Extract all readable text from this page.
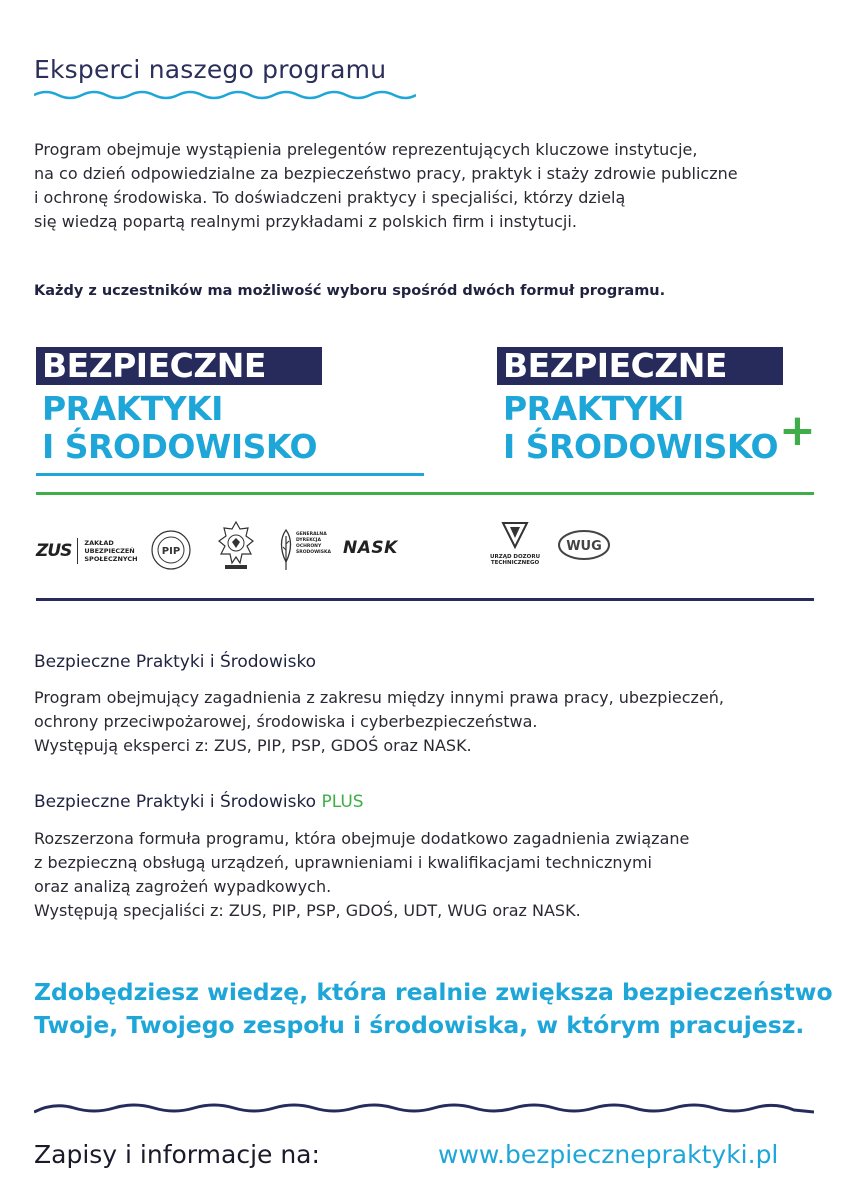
Eksperci naszego programu
Program obejmuje wystąpienia prelegentów reprezentujących kluczowe instytucje,
na co dzień odpowiedzialne za bezpieczeństwo pracy, praktyk i staży zdrowie publiczne
i ochronę środowiska. To doświadczeni praktycy i specjaliści, którzy dzielą
się wiedzą popartą realnymi przykładami z polskich firm i instytucji.
Każdy z uczestników ma możliwość wyboru spośród dwóch formuł programu.
BEZPIECZNE
PRAKTYKI
I ŚRODOWISKO
BEZPIECZNE
PRAKTYKI
I ŚRODOWISKO +
ZUS ZAKŁAD
UBEZPIECZEŃ
SPOŁECZNYCH
PIP
GENERALNA
DYREKCJA
OCHRONY
ŚRODOWISKA NASK	URZĄD DOZORU
TECHNICZNEGO
WUG
Bezpieczne Praktyki i Środowisko
Program obejmujący zagadnienia z zakresu między innymi prawa pracy, ubezpieczeń,
ochrony przeciwpożarowej, środowiska i cyberbezpieczeństwa.
Występują eksperci z: ZUS, PIP, PSP, GDOŚ oraz NASK.
Bezpieczne Praktyki i Środowisko PLUS
Rozszerzona formuła programu, która obejmuje dodatkowo zagadnienia związane
z bezpieczną obsługą urządzeń, uprawnieniami i kwalifikacjami technicznymi
oraz analizą zagrożeń wypadkowych.
Występują specjaliści z: ZUS, PIP, PSP, GDOŚ, UDT, WUG oraz NASK.
Zdobędziesz wiedzę, która realnie zwiększa bezpieczeństwo
Twoje, Twojego zespołu i środowiska, w którym pracujesz.
Zapisy i informacje na:	www.bezpiecznepraktyki.pl
